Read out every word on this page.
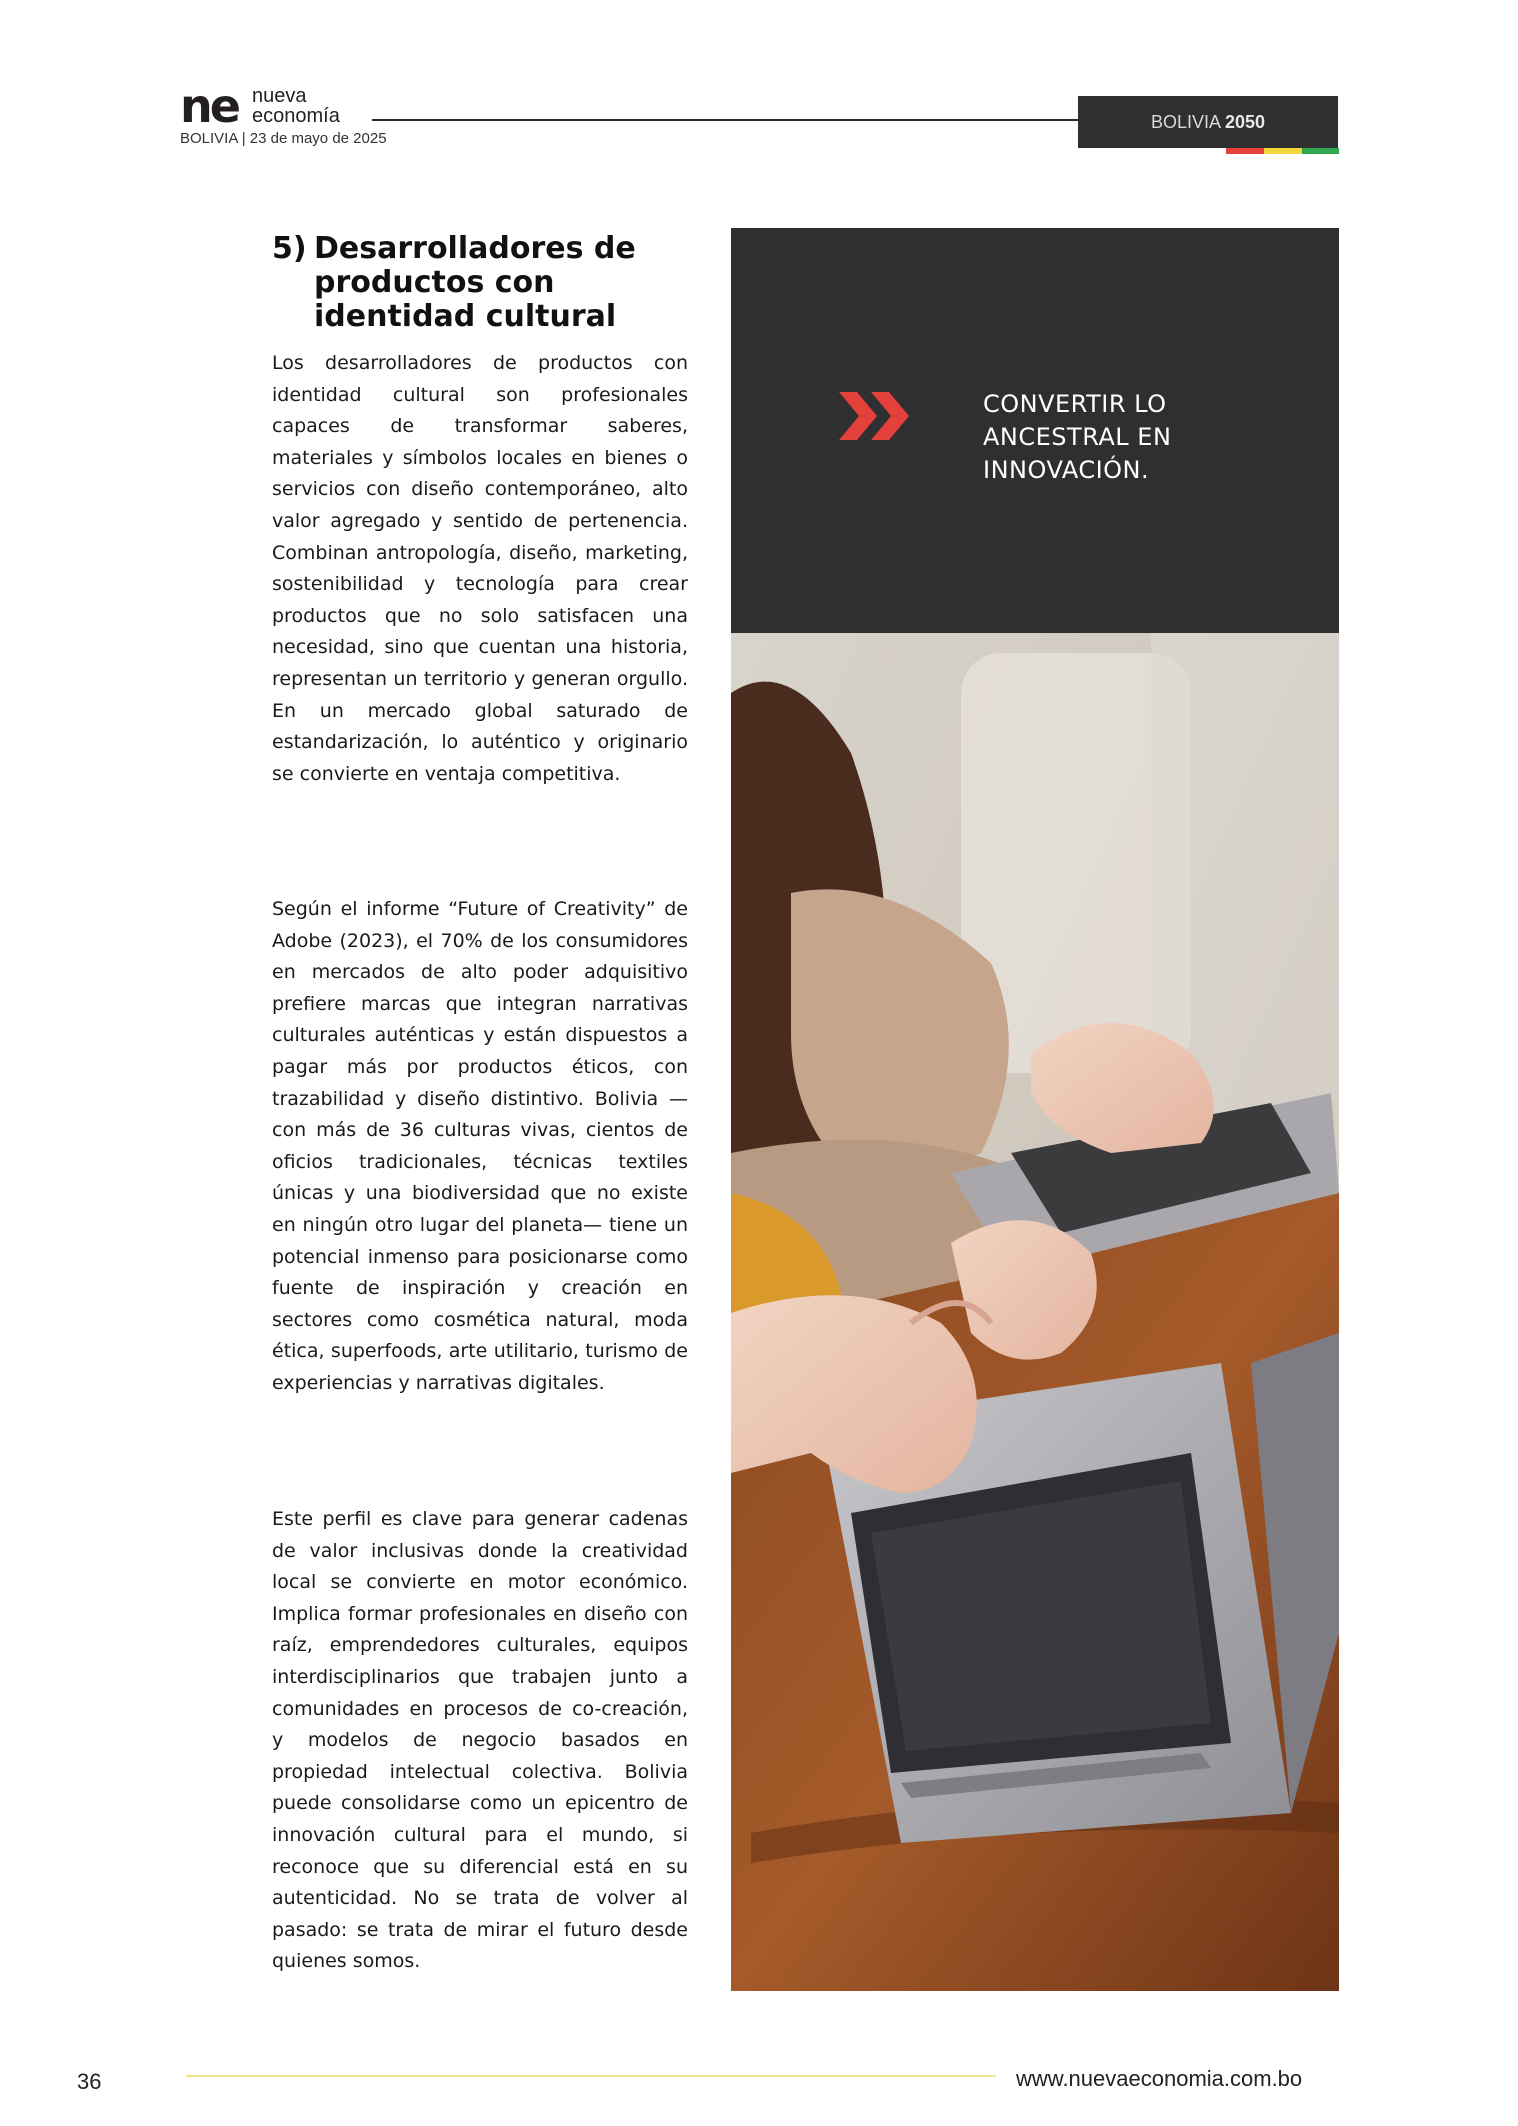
ne nueva
economía
BOLIVIA | 23 de mayo de 2025
BOLIVIA 2050
5) Desarrolladores de productos con identidad cultural

Los desarrolladores de productos con identidad cultural son profesionales capaces de transformar saberes, materiales y símbolos locales en bienes o servicios con diseño contemporáneo, alto valor agregado y sentido de pertenencia. Combinan antropología, diseño, marketing, sostenibilidad y tecnología para crear productos que no solo satisfacen una necesidad, sino que cuentan una historia, representan un territorio y generan orgullo. En un mercado global saturado de estandarización, lo auténtico y originario se convierte en ventaja competitiva.

Según el informe “Future of Creativity” de Adobe (2023), el 70% de los consumidores en mercados de alto poder adquisitivo prefiere marcas que integran narrativas culturales auténticas y están dispuestos a pagar más por productos éticos, con trazabilidad y diseño distintivo. Bolivia —con más de 36 culturas vivas, cientos de oficios tradicionales, técnicas textiles únicas y una biodiversidad que no existe en ningún otro lugar del planeta— tiene un potencial inmenso para posicionarse como fuente de inspiración y creación en sectores como cosmética natural, moda ética, superfoods, arte utilitario, turismo de experiencias y narrativas digitales.

Este perfil es clave para generar cadenas de valor inclusivas donde la creatividad local se convierte en motor económico. Implica formar profesionales en diseño con raíz, emprendedores culturales, equipos interdisciplinarios que trabajen junto a comunidades en procesos de co-creación, y modelos de negocio basados en propiedad intelectual colectiva. Bolivia puede consolidarse como un epicentro de innovación cultural para el mundo, si reconoce que su diferencial está en su autenticidad. No se trata de volver al pasado: se trata de mirar el futuro desde quienes somos.

CONVERTIR LO ANCESTRAL EN INNOVACIÓN.
36	www.nuevaeconomia.com.bo
